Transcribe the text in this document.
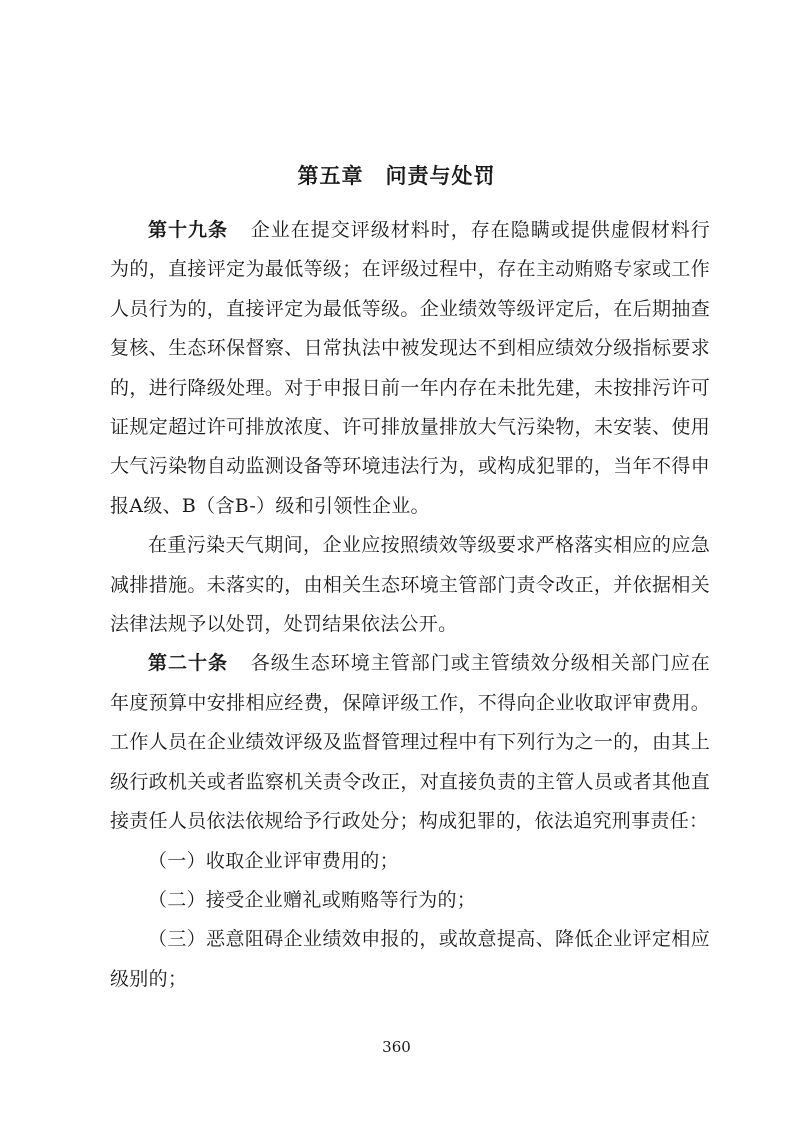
第五章 问责与处罚

第十九条 企业在提交评级材料时，存在隐瞒或提供虚假材料行为的，直接评定为最低等级；在评级过程中，存在主动贿赂专家或工作人员行为的，直接评定为最低等级。企业绩效等级评定后，在后期抽查复核、生态环保督察、日常执法中被发现达不到相应绩效分级指标要求的，进行降级处理。对于申报日前一年内存在未批先建，未按排污许可证规定超过许可排放浓度、许可排放量排放大气污染物，未安装、使用大气污染物自动监测设备等环境违法行为，或构成犯罪的，当年不得申报A级、B（含B-）级和引领性企业。

在重污染天气期间，企业应按照绩效等级要求严格落实相应的应急减排措施。未落实的，由相关生态环境主管部门责令改正，并依据相关法律法规予以处罚，处罚结果依法公开。

第二十条 各级生态环境主管部门或主管绩效分级相关部门应在年度预算中安排相应经费，保障评级工作，不得向企业收取评审费用。工作人员在企业绩效评级及监督管理过程中有下列行为之一的，由其上级行政机关或者监察机关责令改正，对直接负责的主管人员或者其他直接责任人员依法依规给予行政处分；构成犯罪的，依法追究刑事责任：

（一）收取企业评审费用的；

（二）接受企业赠礼或贿赂等行为的；

（三）恶意阻碍企业绩效申报的，或故意提高、降低企业评定相应级别的；

360
